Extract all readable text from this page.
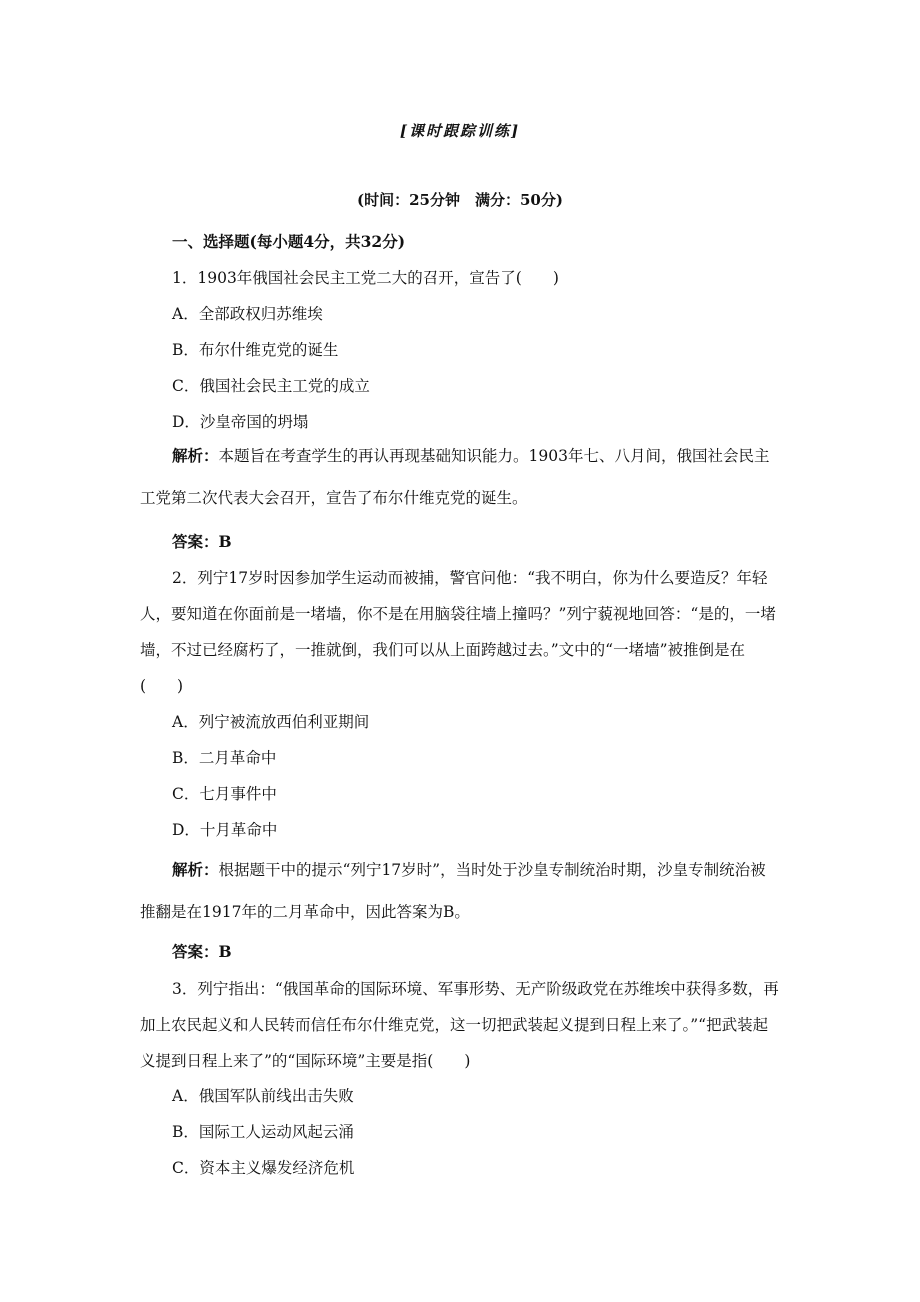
[课时跟踪训练]
(时间：25分钟　满分：50分)
一、选择题(每小题4分，共32分)
1．1903年俄国社会民主工党二大的召开，宣告了(　　)
A．全部政权归苏维埃
B．布尔什维克党的诞生
C．俄国社会民主工党的成立
D．沙皇帝国的坍塌
解析：本题旨在考查学生的再认再现基础知识能力。1903年七、八月间，俄国社会民主工党第二次代表大会召开，宣告了布尔什维克党的诞生。
答案：B
2．列宁17岁时因参加学生运动而被捕，警官问他：“我不明白，你为什么要造反？年轻人，要知道在你面前是一堵墙，你不是在用脑袋往墙上撞吗？”列宁藐视地回答：“是的，一堵墙，不过已经腐朽了，一推就倒，我们可以从上面跨越过去。”文中的“一堵墙”被推倒是在(　　)
A．列宁被流放西伯利亚期间
B．二月革命中
C．七月事件中
D．十月革命中
解析：根据题干中的提示“列宁17岁时”，当时处于沙皇专制统治时期，沙皇专制统治被推翻是在1917年的二月革命中，因此答案为B。
答案：B
3．列宁指出：“俄国革命的国际环境、军事形势、无产阶级政党在苏维埃中获得多数，再加上农民起义和人民转而信任布尔什维克党，这一切把武装起义提到日程上来了。”“把武装起义提到日程上来了”的“国际环境”主要是指(　　)
A．俄国军队前线出击失败
B．国际工人运动风起云涌
C．资本主义爆发经济危机
